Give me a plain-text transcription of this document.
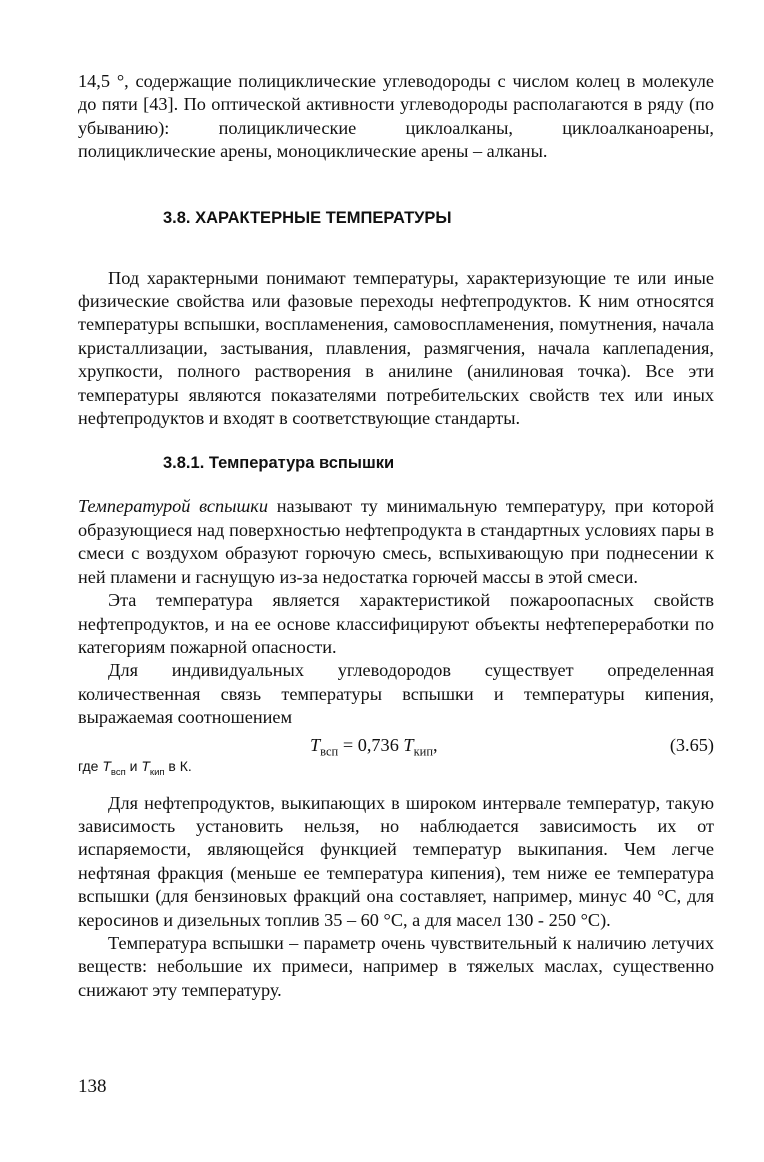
14,5 °, содержащие полициклические углеводороды с числом колец в молекуле до пяти [43]. По оптической активности углеводороды располагаются в ряду (по убыванию): полициклические циклоалканы, циклоалканоарены, полициклические арены, моноциклические арены – алканы.

3.8. ХАРАКТЕРНЫЕ ТЕМПЕРАТУРЫ

Под характерными понимают температуры, характеризующие те или иные физические свойства или фазовые переходы нефтепродуктов. К ним относятся температуры вспышки, воспламенения, самовоспламенения, помутнения, начала кристаллизации, застывания, плавления, размягчения, начала каплепадения, хрупкости, полного растворения в анилине (анилиновая точка). Все эти температуры являются показателями потребительских свойств тех или иных нефтепродуктов и входят в соответствующие стандарты.

3.8.1. Температура вспышки

Температурой вспышки называют ту минимальную температуру, при которой образующиеся над поверхностью нефтепродукта в стандартных условиях пары в смеси с воздухом образуют горючую смесь, вспыхивающую при поднесении к ней пламени и гаснущую из-за недостатка горючей массы в этой смеси.

Эта температура является характеристикой пожароопасных свойств нефтепродуктов, и на ее основе классифицируют объекты нефтепереработки по категориям пожарной опасности.

Для индивидуальных углеводородов существует определенная количественная связь температуры вспышки и температуры кипения, выражаемая соотношением

$T_{всп} = 0,736$ $T_{кип}$,	(3.65)
где $T_{всп}$ и $T_{кип}$ в К.

Для нефтепродуктов, выкипающих в широком интервале температур, такую зависимость установить нельзя, но наблюдается зависимость их от испаряемости, являющейся функцией температур выкипания. Чем легче нефтяная фракция (меньше ее температура кипения), тем ниже ее температура вспышки (для бензиновых фракций она составляет, например, минус 40 °С, для керосинов и дизельных топлив 35 – 60 °С, а для масел 130 - 250 °С).

Температура вспышки – параметр очень чувствительный к наличию летучих веществ: небольшие их примеси, например в тяжелых маслах, существенно снижают эту температуру.

138
